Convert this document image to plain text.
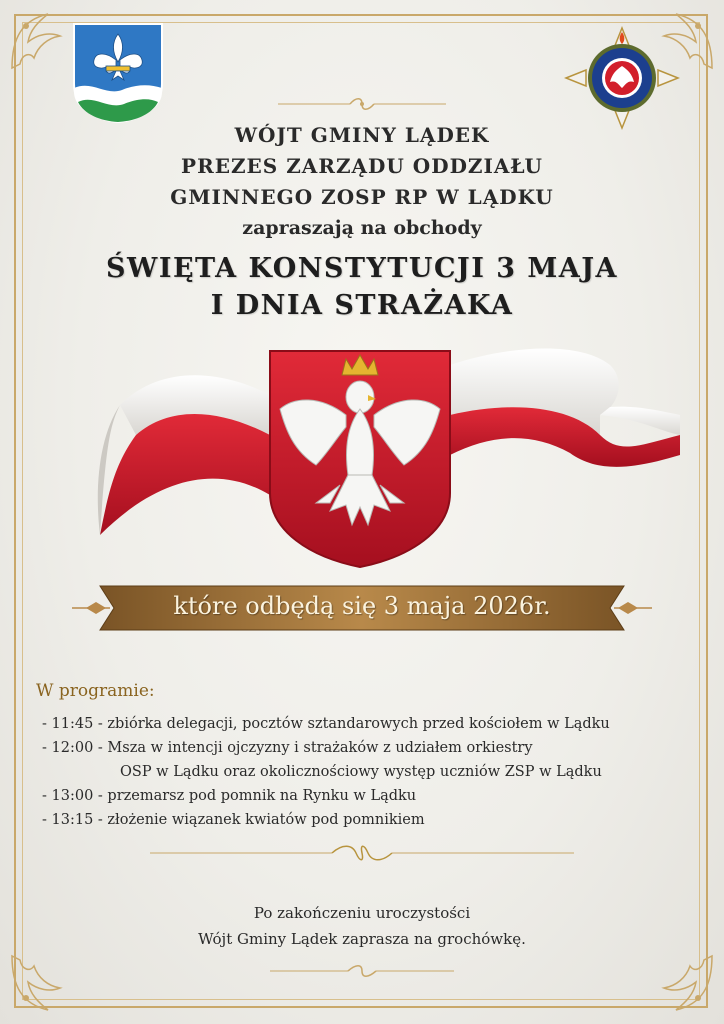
WÓJT GMINY LĄDEK
PREZES ZARZĄDU ODDZIAŁU
GMINNEGO ZOSP RP W LĄDKU
zapraszają na obchody
ŚWIĘTA KONSTYTUCJI 3 MAJA
I DNIA STRAŻAKA
które odbędą się 3 maja 2026r.
W programie:
- 11:45 - zbiórka delegacji, pocztów sztandarowych przed kościołem w Lądku
- 12:00 - Msza w intencji ojczyzny i strażaków z udziałem orkiestry
OSP w Lądku oraz okolicznościowy występ uczniów ZSP w Lądku
- 13:00 - przemarsz pod pomnik na Rynku w Lądku
- 13:15 - złożenie wiązanek kwiatów pod pomnikiem
Po zakończeniu uroczystości
Wójt Gminy Lądek zaprasza na grochówkę.
